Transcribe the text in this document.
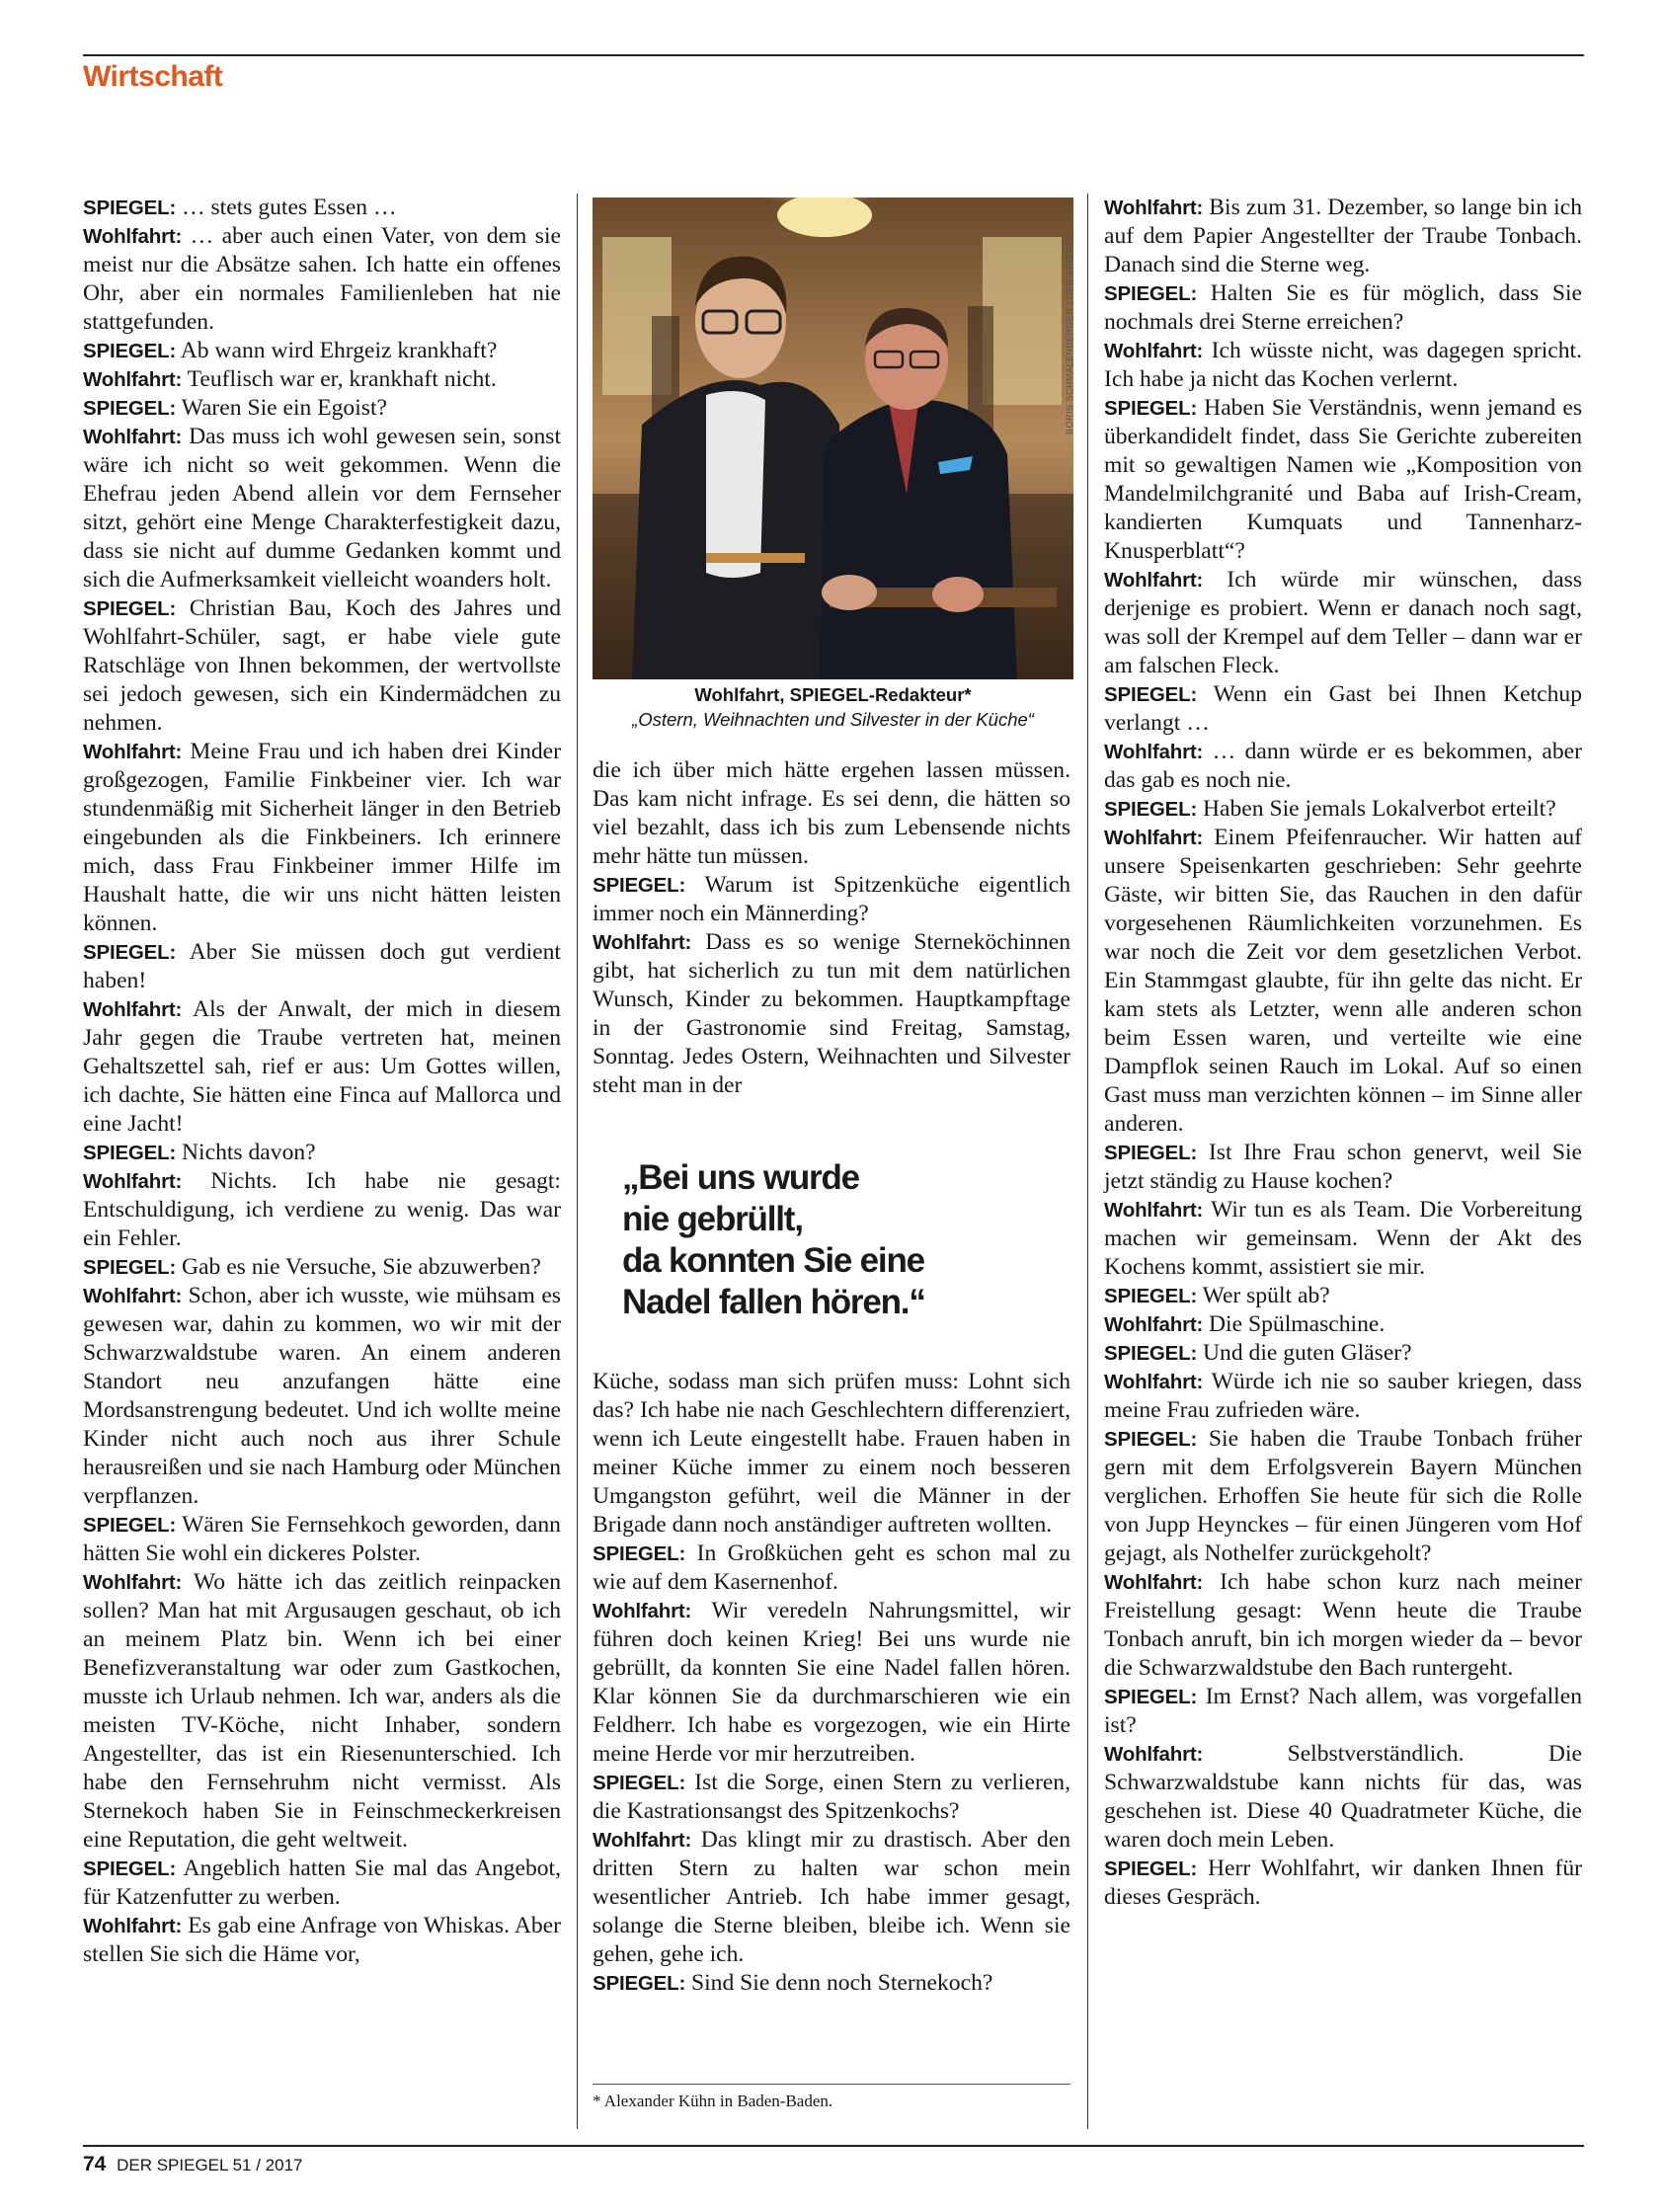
Wirtschaft

SPIEGEL: … stets gutes Essen …

Wohlfahrt: … aber auch einen Vater, von dem sie meist nur die Absätze sahen. Ich hatte ein offenes Ohr, aber ein normales Familienleben hat nie stattgefunden.

SPIEGEL: Ab wann wird Ehrgeiz krankhaft?

Wohlfahrt: Teuflisch war er, krankhaft nicht.

SPIEGEL: Waren Sie ein Egoist?

Wohlfahrt: Das muss ich wohl gewesen sein, sonst wäre ich nicht so weit gekommen. Wenn die Ehefrau jeden Abend allein vor dem Fernseher sitzt, gehört eine Menge Charakterfestigkeit dazu, dass sie nicht auf dumme Gedanken kommt und sich die Aufmerksamkeit vielleicht woanders holt.

SPIEGEL: Christian Bau, Koch des Jahres und Wohlfahrt-Schüler, sagt, er habe viele gute Ratschläge von Ihnen bekommen, der wertvollste sei jedoch gewesen, sich ein Kindermädchen zu nehmen.

Wohlfahrt: Meine Frau und ich haben drei Kinder großgezogen, Familie Finkbeiner vier. Ich war stundenmäßig mit Sicherheit länger in den Betrieb eingebunden als die Finkbeiners. Ich erinnere mich, dass Frau Finkbeiner immer Hilfe im Haushalt hatte, die wir uns nicht hätten leisten können.

SPIEGEL: Aber Sie müssen doch gut verdient haben!

Wohlfahrt: Als der Anwalt, der mich in diesem Jahr gegen die Traube vertreten hat, meinen Gehaltszettel sah, rief er aus: Um Gottes willen, ich dachte, Sie hätten eine Finca auf Mallorca und eine Jacht!

SPIEGEL: Nichts davon?

Wohlfahrt: Nichts. Ich habe nie gesagt: Entschuldigung, ich verdiene zu wenig. Das war ein Fehler.

SPIEGEL: Gab es nie Versuche, Sie abzuwerben?

Wohlfahrt: Schon, aber ich wusste, wie mühsam es gewesen war, dahin zu kommen, wo wir mit der Schwarzwaldstube waren. An einem anderen Standort neu anzufangen hätte eine Mordsanstrengung bedeutet. Und ich wollte meine Kinder nicht auch noch aus ihrer Schule herausreißen und sie nach Hamburg oder München verpflanzen.

SPIEGEL: Wären Sie Fernsehkoch geworden, dann hätten Sie wohl ein dickeres Polster.

Wohlfahrt: Wo hätte ich das zeitlich reinpacken sollen? Man hat mit Argusaugen geschaut, ob ich an meinem Platz bin. Wenn ich bei einer Benefizveranstaltung war oder zum Gastkochen, musste ich Urlaub nehmen. Ich war, anders als die meisten TV-Köche, nicht Inhaber, sondern Angestellter, das ist ein Riesenunterschied. Ich habe den Fernsehruhm nicht vermisst. Als Sternekoch haben Sie in Feinschmeckerkreisen eine Reputation, die geht weltweit.

SPIEGEL: Angeblich hatten Sie mal das Angebot, für Katzenfutter zu werben.

Wohlfahrt: Es gab eine Anfrage von Whiskas. Aber stellen Sie sich die Häme vor,

BORIS SCHMALENBERGER / DER SPIEGEL
Wohlfahrt, SPIEGEL-Redakteur*
„Ostern, Weihnachten und Silvester in der Küche“

die ich über mich hätte ergehen lassen müssen. Das kam nicht infrage. Es sei denn, die hätten so viel bezahlt, dass ich bis zum Lebensende nichts mehr hätte tun müssen.

SPIEGEL: Warum ist Spitzenküche eigentlich immer noch ein Männerding?

Wohlfahrt: Dass es so wenige Sterneköchinnen gibt, hat sicherlich zu tun mit dem natürlichen Wunsch, Kinder zu bekommen. Hauptkampftage in der Gastronomie sind Freitag, Samstag, Sonntag. Jedes Ostern, Weihnachten und Silvester steht man in der

„Bei uns wurde

nie gebrüllt,

da konnten Sie eine

Nadel fallen hören.“

Küche, sodass man sich prüfen muss: Lohnt sich das? Ich habe nie nach Geschlechtern differenziert, wenn ich Leute eingestellt habe. Frauen haben in meiner Küche immer zu einem noch besseren Umgangston geführt, weil die Männer in der Brigade dann noch anständiger auftreten wollten.

SPIEGEL: In Großküchen geht es schon mal zu wie auf dem Kasernenhof.

Wohlfahrt: Wir veredeln Nahrungsmittel, wir führen doch keinen Krieg! Bei uns wurde nie gebrüllt, da konnten Sie eine Nadel fallen hören. Klar können Sie da durchmarschieren wie ein Feldherr. Ich habe es vorgezogen, wie ein Hirte meine Herde vor mir herzutreiben.

SPIEGEL: Ist die Sorge, einen Stern zu verlieren, die Kastrationsangst des Spitzenkochs?

Wohlfahrt: Das klingt mir zu drastisch. Aber den dritten Stern zu halten war schon mein wesentlicher Antrieb. Ich habe immer gesagt, solange die Sterne bleiben, bleibe ich. Wenn sie gehen, gehe ich.

SPIEGEL: Sind Sie denn noch Sternekoch?

* Alexander Kühn in Baden-Baden.

Wohlfahrt: Bis zum 31. Dezember, so lange bin ich auf dem Papier Angestellter der Traube Tonbach. Danach sind die Sterne weg.

SPIEGEL: Halten Sie es für möglich, dass Sie nochmals drei Sterne erreichen?

Wohlfahrt: Ich wüsste nicht, was dagegen spricht. Ich habe ja nicht das Kochen verlernt.

SPIEGEL: Haben Sie Verständnis, wenn jemand es überkandidelt findet, dass Sie Gerichte zubereiten mit so gewaltigen Namen wie „Komposition von Mandelmilchgranité und Baba auf Irish-Cream, kandierten Kumquats und Tannenharz-Knusperblatt“?

Wohlfahrt: Ich würde mir wünschen, dass derjenige es probiert. Wenn er danach noch sagt, was soll der Krempel auf dem Teller – dann war er am falschen Fleck.

SPIEGEL: Wenn ein Gast bei Ihnen Ketchup verlangt …

Wohlfahrt: … dann würde er es bekommen, aber das gab es noch nie.

SPIEGEL: Haben Sie jemals Lokalverbot erteilt?

Wohlfahrt: Einem Pfeifenraucher. Wir hatten auf unsere Speisenkarten geschrieben: Sehr geehrte Gäste, wir bitten Sie, das Rauchen in den dafür vorgesehenen Räumlichkeiten vorzunehmen. Es war noch die Zeit vor dem gesetzlichen Verbot. Ein Stammgast glaubte, für ihn gelte das nicht. Er kam stets als Letzter, wenn alle anderen schon beim Essen waren, und verteilte wie eine Dampflok seinen Rauch im Lokal. Auf so einen Gast muss man verzichten können – im Sinne aller anderen.

SPIEGEL: Ist Ihre Frau schon genervt, weil Sie jetzt ständig zu Hause kochen?

Wohlfahrt: Wir tun es als Team. Die Vorbereitung machen wir gemeinsam. Wenn der Akt des Kochens kommt, assistiert sie mir.

SPIEGEL: Wer spült ab?

Wohlfahrt: Die Spülmaschine.

SPIEGEL: Und die guten Gläser?

Wohlfahrt: Würde ich nie so sauber kriegen, dass meine Frau zufrieden wäre.

SPIEGEL: Sie haben die Traube Tonbach früher gern mit dem Erfolgsverein Bayern München verglichen. Erhoffen Sie heute für sich die Rolle von Jupp Heynckes – für einen Jüngeren vom Hof gejagt, als Nothelfer zurückgeholt?

Wohlfahrt: Ich habe schon kurz nach meiner Freistellung gesagt: Wenn heute die Traube Tonbach anruft, bin ich morgen wieder da – bevor die Schwarzwaldstube den Bach runtergeht.

SPIEGEL: Im Ernst? Nach allem, was vorgefallen ist?

Wohlfahrt:	Selbstverständlich. Die Schwarzwaldstube kann nichts für das, was geschehen ist. Diese 40 Quadratmeter Küche, die waren doch mein Leben.

SPIEGEL: Herr Wohlfahrt, wir danken Ihnen für dieses Gespräch.

74 DER SPIEGEL 51 / 2017
